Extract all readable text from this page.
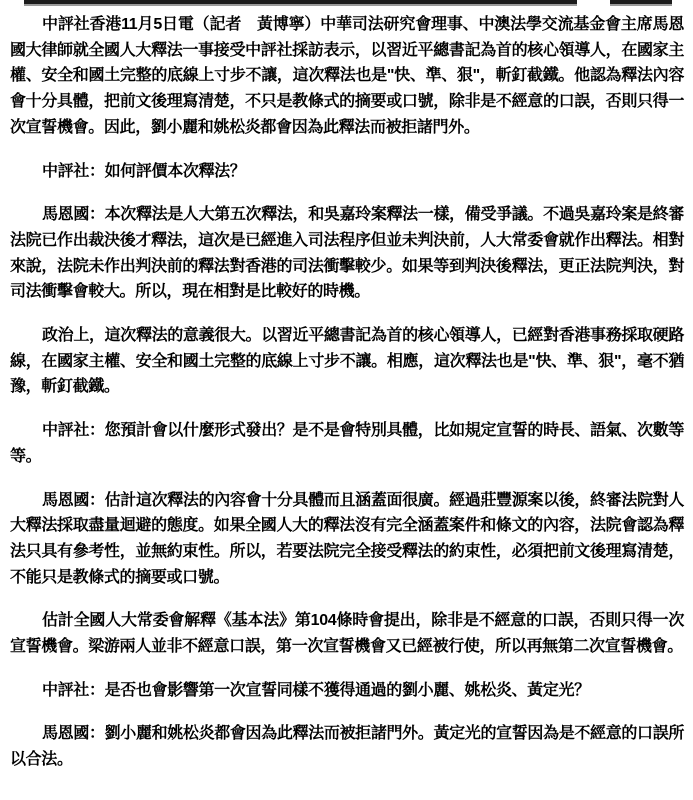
中評社香港11月5日電（記者　黃博寧）中華司法研究會理事、中澳法學交流基金會主席馬恩國大律師就全國人大釋法一事接受中評社採訪表示，以習近平總書記為首的核心領導人，在國家主權、安全和國土完整的底線上寸步不讓，這次釋法也是"快、準、狠"，斬釘截鐵。他認為釋法內容會十分具體，把前文後理寫清楚，不只是教條式的摘要或口號，除非是不經意的口誤，否則只得一次宣誓機會。因此，劉小麗和姚松炎都會因為此釋法而被拒諸門外。

中評社：如何評價本次釋法？

馬恩國：本次釋法是人大第五次釋法，和吳嘉玲案釋法一樣，備受爭議。不過吳嘉玲案是終審法院已作出裁決後才釋法，這次是已經進入司法程序但並未判決前，人大常委會就作出釋法。相對來說，法院未作出判決前的釋法對香港的司法衝擊較少。如果等到判決後釋法，更正法院判決，對司法衝擊會較大。所以，現在相對是比較好的時機。

政治上，這次釋法的意義很大。以習近平總書記為首的核心領導人，已經對香港事務採取硬路線，在國家主權、安全和國土完整的底線上寸步不讓。相應，這次釋法也是"快、準、狠"，毫不猶豫，斬釘截鐵。

中評社：您預計會以什麼形式發出？是不是會特別具體，比如規定宣誓的時長、語氣、次數等等。

馬恩國：估計這次釋法的內容會十分具體而且涵蓋面很廣。經過莊豐源案以後，終審法院對人大釋法採取盡量迴避的態度。如果全國人大的釋法沒有完全涵蓋案件和條文的內容，法院會認為釋法只具有參考性，並無約束性。所以，若要法院完全接受釋法的約束性，必須把前文後理寫清楚，不能只是教條式的摘要或口號。

估計全國人大常委會解釋《基本法》第104條時會提出，除非是不經意的口誤，否則只得一次宣誓機會。梁游兩人並非不經意口誤，第一次宣誓機會又已經被行使，所以再無第二次宣誓機會。

中評社：是否也會影響第一次宣誓同樣不獲得通過的劉小麗、姚松炎、黃定光？

馬恩國：劉小麗和姚松炎都會因為此釋法而被拒諸門外。黃定光的宣誓因為是不經意的口誤所以合法。
